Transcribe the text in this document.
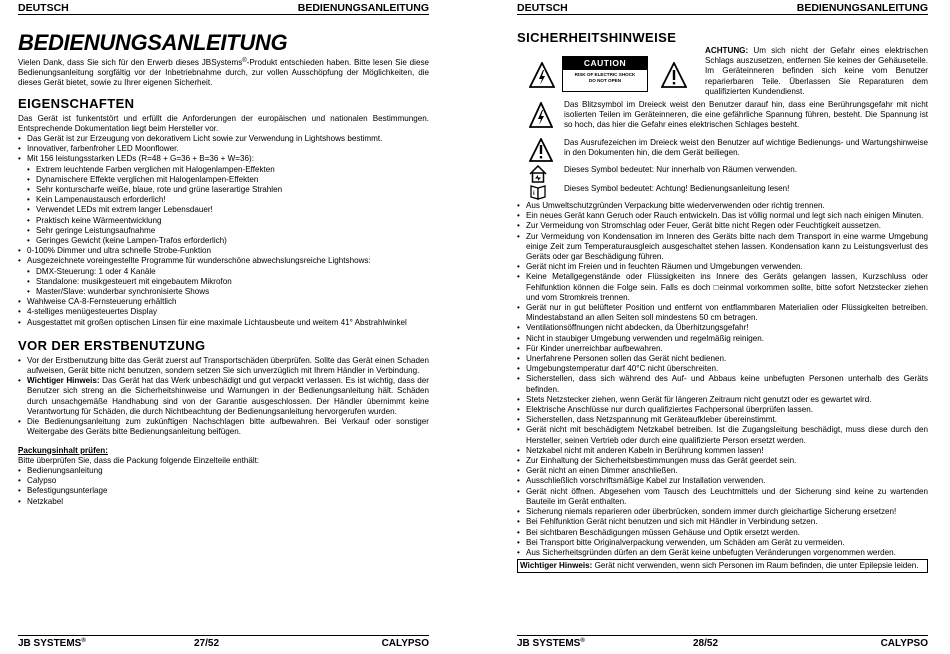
DEUTSCH	BEDIENUNGSANLEITUNG
BEDIENUNGSANLEITUNG

Vielen Dank, dass Sie sich für den Erwerb dieses JBSystems®-Produkt entschieden haben. Bitte lesen Sie diese Bedienungsanleitung sorgfältig vor der Inbetriebnahme durch, zur vollen Ausschöpfung der Möglichkeiten, die dieses Gerät bietet, sowie zu Ihrer eigenen Sicherheit.

EIGENSCHAFTEN

Das Gerät ist funkentstört und erfüllt die Anforderungen der europäischen und nationalen Bestimmungen. Entsprechende Dokumentation liegt beim Hersteller vor.

• Das Gerät ist zur Erzeugung von dekorativem Licht sowie zur Verwendung in Lightshows bestimmt.
• Innovativer, farbenfroher LED Moonflower.
• Mit 156 leistungsstarken LEDs (R=48 + G=36 + B=36 + W=36):
• Extrem leuchtende Farben verglichen mit Halogenlampen-Effekten
• Dynamischere Effekte verglichen mit Halogenlampen-Effekten
• Sehr konturscharfe weiße, blaue, rote und grüne laserartige Strahlen
• Kein Lampenaustausch erforderlich!
• Verwendet LEDs mit extrem langer Lebensdauer!
• Praktisch keine Wärmeentwicklung
• Sehr geringe Leistungsaufnahme
• Geringes Gewicht (keine Lampen-Trafos erforderlich)
• 0-100% Dimmer und ultra schnelle Strobe-Funktion
• Ausgezeichnete voreingestellte Programme für wunderschöne abwechslungsreiche Lightshows:
• DMX-Steuerung: 1 oder 4 Kanäle
• Standalone: musikgesteuert mit eingebautem Mikrofon
• Master/Slave: wunderbar synchronisierte Shows
• Wahlweise CA-8-Fernsteuerung erhältlich
• 4-stelliges menügesteuertes Display
• Ausgestattet mit großen optischen Linsen für eine maximale Lichtausbeute und weitem 41° Abstrahlwinkel
VOR DER ERSTBENUTZUNG
• Vor der Erstbenutzung bitte das Gerät zuerst auf Transportschäden überprüfen. Sollte das Gerät einen Schaden aufweisen, Gerät bitte nicht benutzen, sondern setzen Sie sich unverzüglich mit Ihrem Händler in Verbindung.
• Wichtiger Hinweis: Das Gerät hat das Werk unbeschädigt und gut verpackt verlassen. Es ist wichtig, dass der Benutzer sich streng an die Sicherheitshinweise und Warnungen in der Bedienungsanleitung hält. Schäden durch unsachgemäße Handhabung sind von der Garantie ausgeschlossen. Der Händler übernimmt keine Verantwortung für Schäden, die durch Nichtbeachtung der Bedienungsanleitung hervorgerufen wurden.
• Die Bedienungsanleitung zum zukünftigen Nachschlagen bitte aufbewahren. Bei Verkauf oder sonstiger Weitergabe des Geräts bitte Bedienungsanleitung beifügen.

Packungsinhalt prüfen:

Bitte überprüfen Sie, dass die Packung folgende Einzelteile enthält:

• Bedienungsanleitung
• Calypso
• Befestigungsunterlage
• Netzkabel
JB SYSTEMS®	27/52	CALYPSO
DEUTSCH	BEDIENUNGSANLEITUNG
SICHERHEITSHINWEISE
CAUTION
RISK OF ELECTRIC SHOCK
DO NOT OPEN
ACHTUNG: Um sich nicht der Gefahr eines elektrischen Schlags auszusetzen, entfernen Sie keines der Gehäuseteile. Im Geräteinneren befinden sich keine vom Benutzer reparierbaren Teile. Überlassen Sie Reparaturen dem qualifizierten Kundendienst.
Das Blitzsymbol im Dreieck weist den Benutzer darauf hin, dass eine Berührungsgefahr mit nicht isolierten Teilen im Geräteinneren, die eine gefährliche Spannung führen, besteht. Die Spannung ist so hoch, das hier die Gefahr eines elektrischen Schlages besteht.
Das Ausrufezeichen im Dreieck weist den Benutzer auf wichtige Bedienungs- und Wartungshinweise in den Dokumenten hin, die dem Gerät beiliegen.
Dieses Symbol bedeutet: Nur innerhalb von Räumen verwenden.
i
Dieses Symbol bedeutet: Achtung! Bedienungsanleitung lesen!
• Aus Umweltschutzgründen Verpackung bitte wiederverwenden oder richtig trennen.
• Ein neues Gerät kann Geruch oder Rauch entwickeln. Das ist völlig normal und legt sich nach einigen Minuten.
• Zur Vermeidung von Stromschlag oder Feuer, Gerät bitte nicht Regen oder Feuchtigkeit aussetzen.
• Zur Vermeidung von Kondensation im Inneren des Geräts bitte nach dem Transport in eine warme Umgebung einige Zeit zum Temperaturausgleich ausgeschaltet stehen lassen. Kondensation kann zu Leistungsverlust des Geräts oder gar Beschädigung führen.
• Gerät nicht im Freien und in feuchten Räumen und Umgebungen verwenden.
• Keine Metallgegenstände oder Flüssigkeiten ins Innere des Geräts gelangen lassen, Kurzschluss oder Fehlfunktion können die Folge sein. Falls es doch □einmal vorkommen sollte, bitte sofort Netzstecker ziehen und vom Stromkreis trennen.
• Gerät nur in gut belüfteter Position und entfernt von entflammbaren Materialien oder Flüssigkeiten betreiben. Mindestabstand an allen Seiten soll mindestens 50 cm betragen.
• Ventilationsöffnungen nicht abdecken, da Überhitzungsgefahr!
• Nicht in staubiger Umgebung verwenden und regelmäßig reinigen.
• Für Kinder unerreichbar aufbewahren.
• Unerfahrene Personen sollen das Gerät nicht bedienen.
• Umgebungstemperatur darf 40°C nicht überschreiten.
• Sicherstellen, dass sich während des Auf- und Abbaus keine unbefugten Personen unterhalb des Geräts befinden.
• Stets Netzstecker ziehen, wenn Gerät für längeren Zeitraum nicht genutzt oder es gewartet wird.
• Elektrische Anschlüsse nur durch qualifiziertes Fachpersonal überprüfen lassen.
• Sicherstellen, dass Netzspannung mit Geräteaufkleber übereinstimmt.
• Gerät nicht mit beschädigtem Netzkabel betreiben. Ist die Zugangsleitung beschädigt, muss diese durch den Hersteller, seinen Vertrieb oder durch eine qualifizierte Person ersetzt werden.
• Netzkabel nicht mit anderen Kabeln in Berührung kommen lassen!
• Zur Einhaltung der Sicherheitsbestimmungen muss das Gerät geerdet sein.
• Gerät nicht an einen Dimmer anschließen.
• Ausschließlich vorschriftsmäßige Kabel zur Installation verwenden.
• Gerät nicht öffnen. Abgesehen vom Tausch des Leuchtmittels und der Sicherung sind keine zu wartenden Bauteile im Gerät enthalten.
• Sicherung niemals reparieren oder überbrücken, sondern immer durch gleichartige Sicherung ersetzen!
• Bei Fehlfunktion Gerät nicht benutzen und sich mit Händler in Verbindung setzen.
• Bei sichtbaren Beschädigungen müssen Gehäuse und Optik ersetzt werden.
• Bei Transport bitte Originalverpackung verwenden, um Schäden am Gerät zu vermeiden.
• Aus Sicherheitsgründen dürfen an dem Gerät keine unbefugten Veränderungen vorgenommen werden.
Wichtiger Hinweis: Gerät nicht verwenden, wenn sich Personen im Raum befinden, die unter Epilepsie leiden.
JB SYSTEMS®	28/52	CALYPSO
